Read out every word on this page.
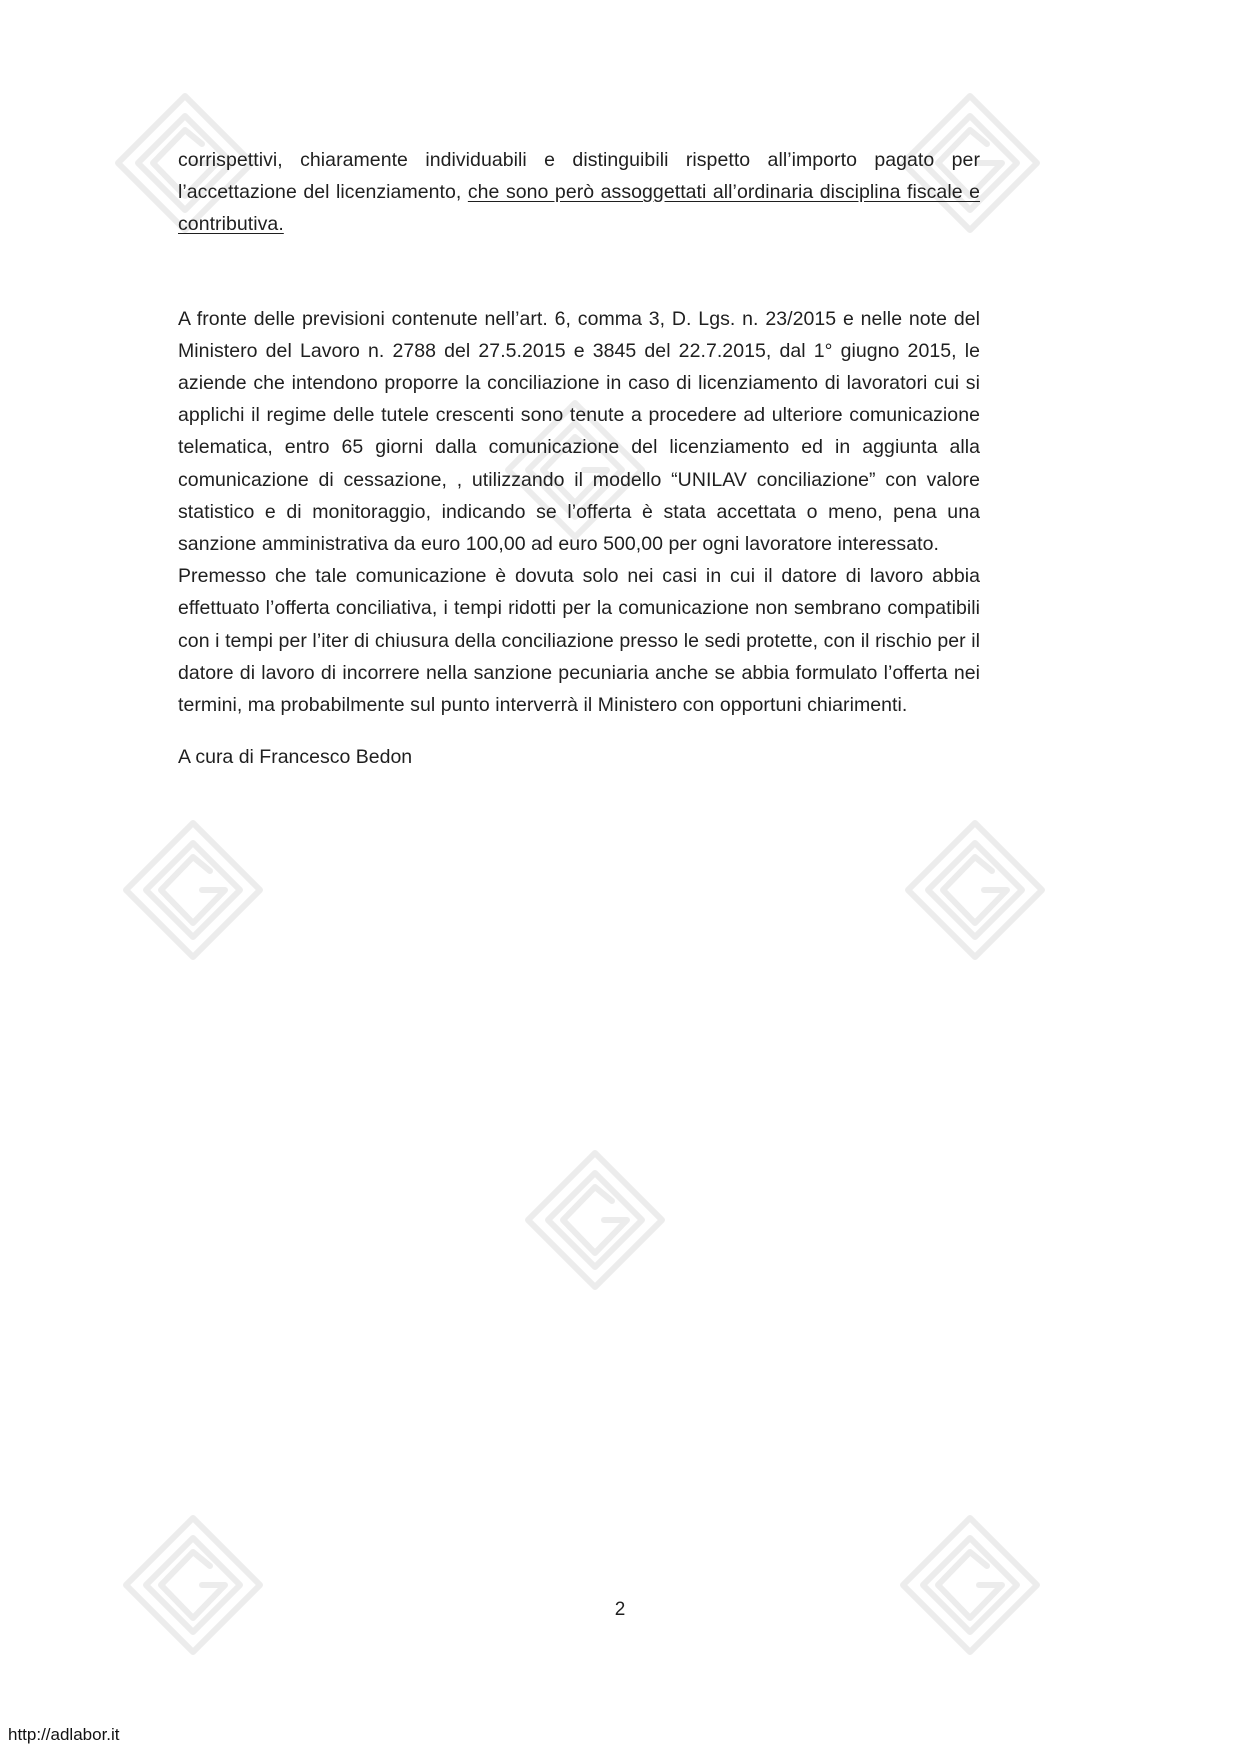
corrispettivi, chiaramente individuabili e distinguibili rispetto all’importo pagato per l’accettazione del licenziamento, che sono però assoggettati all’ordinaria disciplina fiscale e contributiva.

A fronte delle previsioni contenute nell’art. 6, comma 3, D. Lgs. n. 23/2015 e nelle note del Ministero del Lavoro n. 2788 del 27.5.2015 e 3845 del 22.7.2015, dal 1° giugno 2015, le aziende che intendono proporre la conciliazione in caso di licenziamento di lavoratori cui si applichi il regime delle tutele crescenti sono tenute a procedere ad ulteriore comunicazione telematica, entro 65 giorni dalla comunicazione del licenziamento ed in aggiunta alla comunicazione di cessazione, , utilizzando il modello “UNILAV conciliazione” con valore statistico e di monitoraggio, indicando se l’offerta è stata accettata o meno, pena una sanzione amministrativa da euro 100,00 ad euro 500,00 per ogni lavoratore interessato.

Premesso che tale comunicazione è dovuta solo nei casi in cui il datore di lavoro abbia effettuato l’offerta conciliativa, i tempi ridotti per la comunicazione non sembrano compatibili con i tempi per l’iter di chiusura della conciliazione presso le sedi protette, con il rischio per il datore di lavoro di incorrere nella sanzione pecuniaria anche se abbia formulato l’offerta nei termini, ma probabilmente sul punto interverrà il Ministero con opportuni chiarimenti.

A cura di Francesco Bedon

2
http://adlabor.it
